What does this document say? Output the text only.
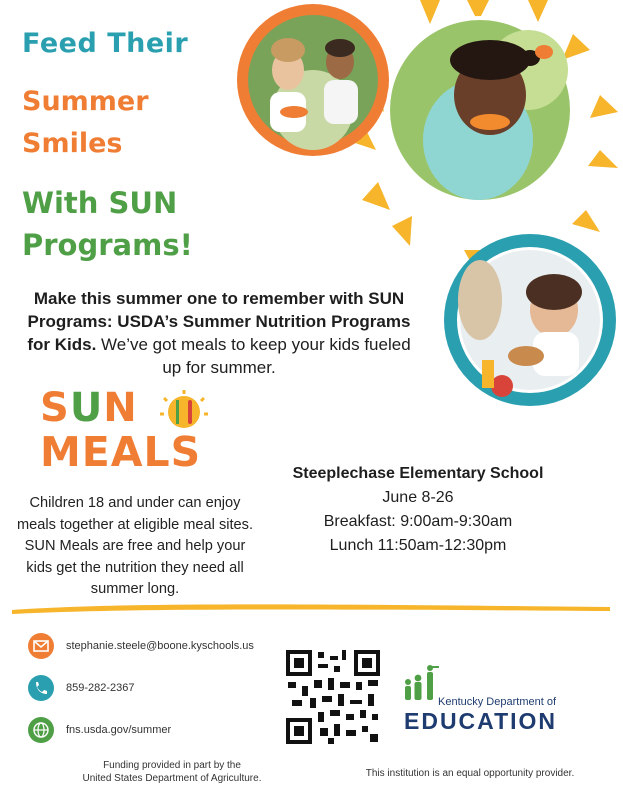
Feed Their
Summer
Smiles
With SUN
Programs!
Make this summer one to remember with SUN Programs: USDA’s Summer Nutrition Programs for Kids. We’ve got meals to keep your kids fueled up for summer.
SUN
MEALS
Children 18 and under can enjoy meals together at eligible meal sites. SUN Meals are free and help your kids get the nutrition they need all summer long.
Steeplechase Elementary School
June 8-26
Breakfast: 9:00am-9:30am
Lunch 11:50am-12:30pm
stephanie.steele@boone.kyschools.us
859-282-2367
fns.usda.gov/summer
Kentucky Department of
EDUCATION
Funding provided in part by the
United States Department of Agriculture.	This institution is an equal opportunity provider.
